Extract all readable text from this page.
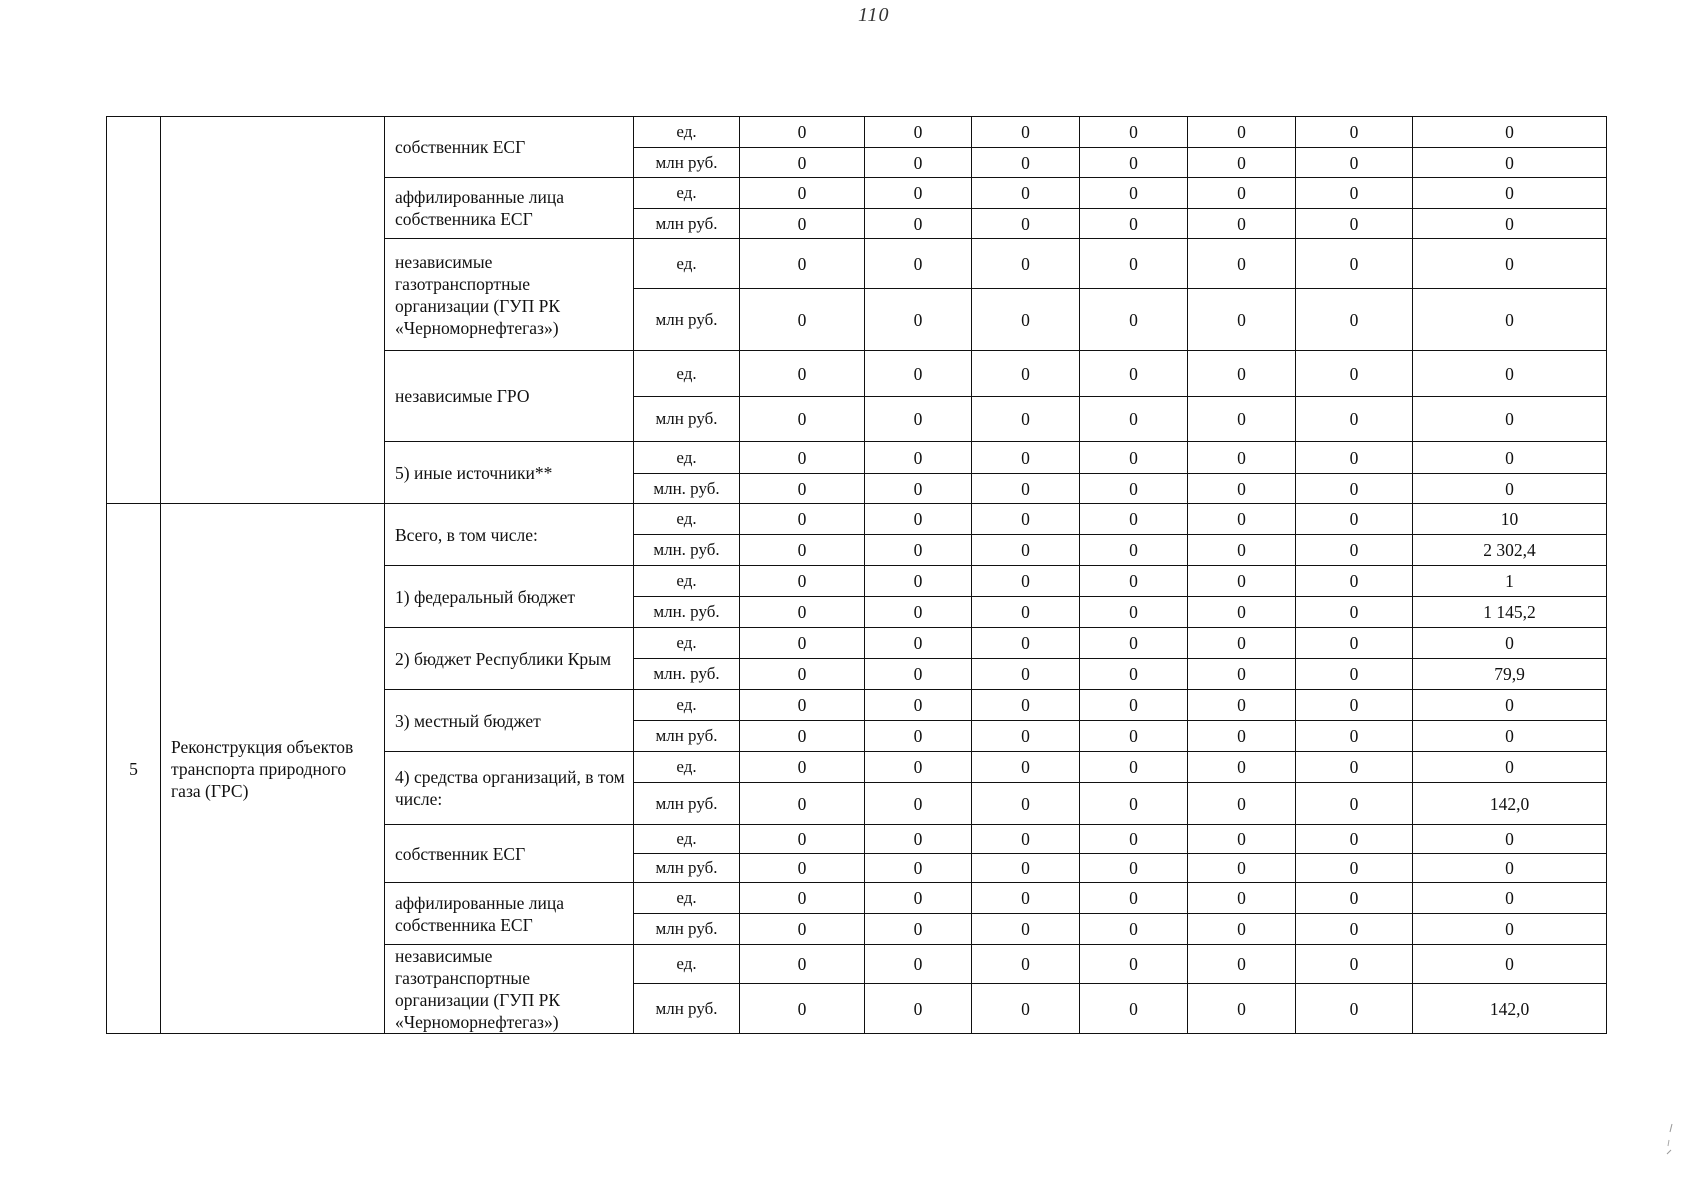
110
		собственник ЕСГ	ед.	0	0	0	0	0	0	0
			млн руб.	0	0	0	0	0	0	0
		аффилированные лица собственника ЕСГ	ед.	0	0	0	0	0	0	0
			млн руб.	0	0	0	0	0	0	0
		независимые газотранспортные организации (ГУП РК «Черноморнефтегаз»)	ед.	0	0	0	0	0	0	0
			млн руб.	0	0	0	0	0	0	0
		независимые ГРО	ед.	0	0	0	0	0	0	0
			млн руб.	0	0	0	0	0	0	0
		5) иные источники**	ед.	0	0	0	0	0	0	0
			млн. руб.	0	0	0	0	0	0	0
5	Реконструкция объектов транспорта природного газа (ГРС)	Всего, в том числе:	ед.	0	0	0	0	0	0	10
			млн. руб.	0	0	0	0	0	0	2 302,4
		1) федеральный бюджет	ед.	0	0	0	0	0	0	1
			млн. руб.	0	0	0	0	0	0	1 145,2
		2) бюджет Республики Крым	ед.	0	0	0	0	0	0	0
			млн. руб.	0	0	0	0	0	0	79,9
		3) местный бюджет	ед.	0	0	0	0	0	0	0
			млн руб.	0	0	0	0	0	0	0
		4) средства организаций, в том числе:	ед.	0	0	0	0	0	0	0
			млн руб.	0	0	0	0	0	0	142,0
		собственник ЕСГ	ед.	0	0	0	0	0	0	0
			млн руб.	0	0	0	0	0	0	0
		аффилированные лица собственника ЕСГ	ед.	0	0	0	0	0	0	0
			млн руб.	0	0	0	0	0	0	0
		независимые газотранспортные организации (ГУП РК «Черноморнефтегаз»)	ед.	0	0	0	0	0	0	0
			млн руб.	0	0	0	0	0	0	142,0
